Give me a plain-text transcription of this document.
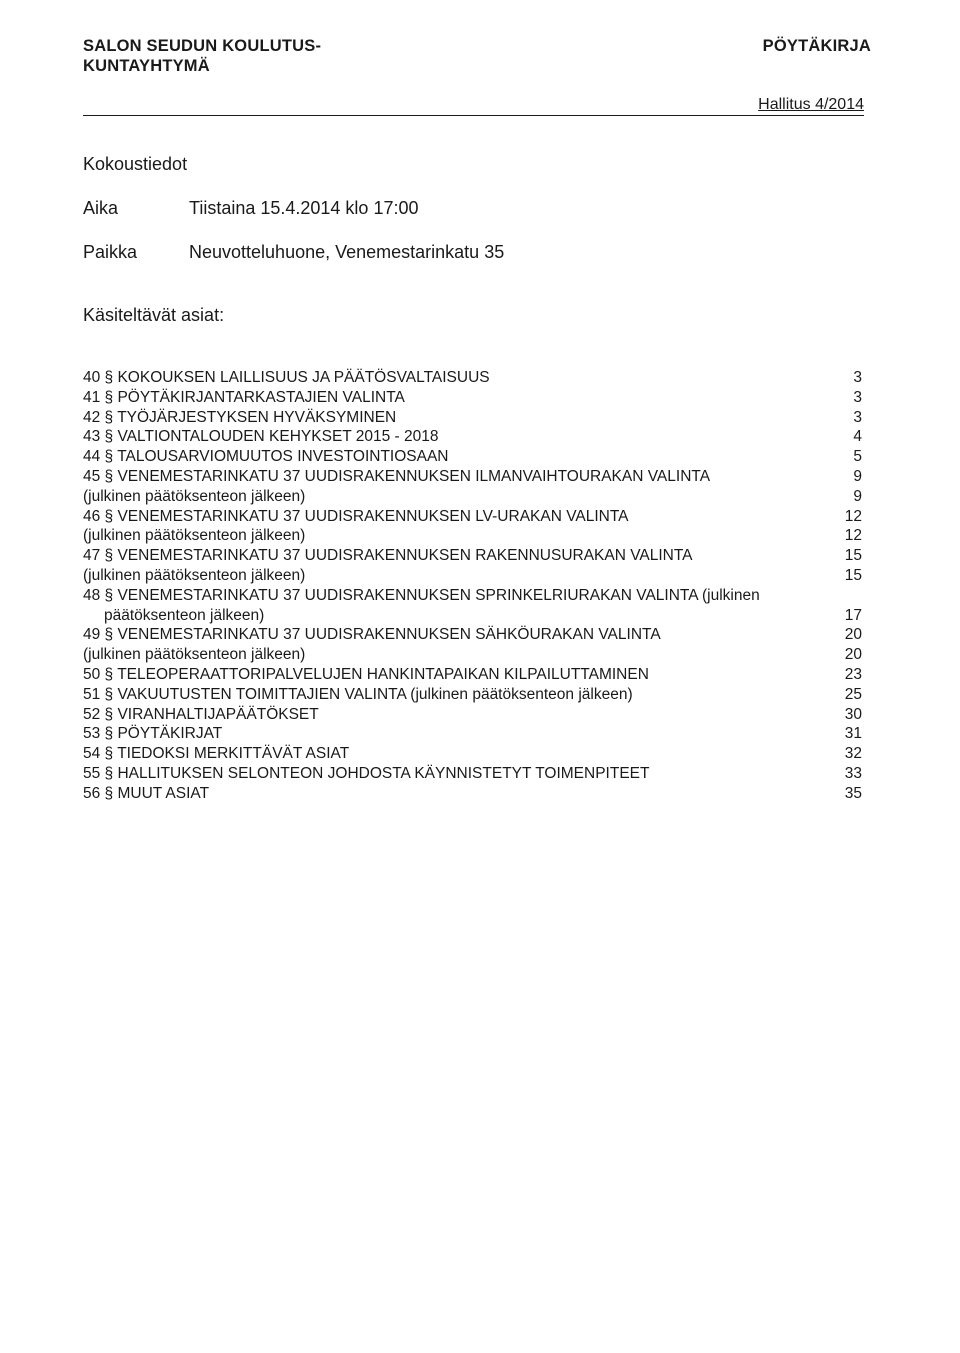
SALON SEUDUN KOULUTUS-
KUNTAYHTYMÄ
PÖYTÄKIRJA
Hallitus 4/2014
Kokoustiedot
Aika	Tiistaina 15.4.2014 klo 17:00
Paikka	Neuvotteluhuone, Venemestarinkatu 35
Käsiteltävät asiat:
40 § KOKOUKSEN LAILLISUUS JA PÄÄTÖSVALTAISUUS	3
41 § PÖYTÄKIRJANTARKASTAJIEN VALINTA	3
42 § TYÖJÄRJESTYKSEN HYVÄKSYMINEN	3
43 § VALTIONTALOUDEN KEHYKSET 2015 - 2018	4
44 § TALOUSARVIOMUUTOS INVESTOINTIOSAAN	5
45 § VENEMESTARINKATU 37 UUDISRAKENNUKSEN ILMANVAIHTOURAKAN VALINTA	9
(julkinen päätöksenteon jälkeen)	9
46 § VENEMESTARINKATU 37 UUDISRAKENNUKSEN LV-URAKAN VALINTA	12
(julkinen päätöksenteon jälkeen)	12
47 § VENEMESTARINKATU 37 UUDISRAKENNUKSEN RAKENNUSURAKAN VALINTA	15
(julkinen päätöksenteon jälkeen)	15
48 § VENEMESTARINKATU 37 UUDISRAKENNUKSEN SPRINKELRIURAKAN VALINTA (julkinen
päätöksenteon jälkeen)	17
49 § VENEMESTARINKATU 37 UUDISRAKENNUKSEN SÄHKÖURAKAN VALINTA	20
(julkinen päätöksenteon jälkeen)	20
50 § TELEOPERAATTORIPALVELUJEN HANKINTAPAIKAN KILPAILUTTAMINEN	23
51 § VAKUUTUSTEN TOIMITTAJIEN VALINTA (julkinen päätöksenteon jälkeen)	25
52 § VIRANHALTIJAPÄÄTÖKSET	30
53 § PÖYTÄKIRJAT	31
54 § TIEDOKSI MERKITTÄVÄT ASIAT	32
55 § HALLITUKSEN SELONTEON JOHDOSTA KÄYNNISTETYT TOIMENPITEET	33
56 § MUUT ASIAT	35
